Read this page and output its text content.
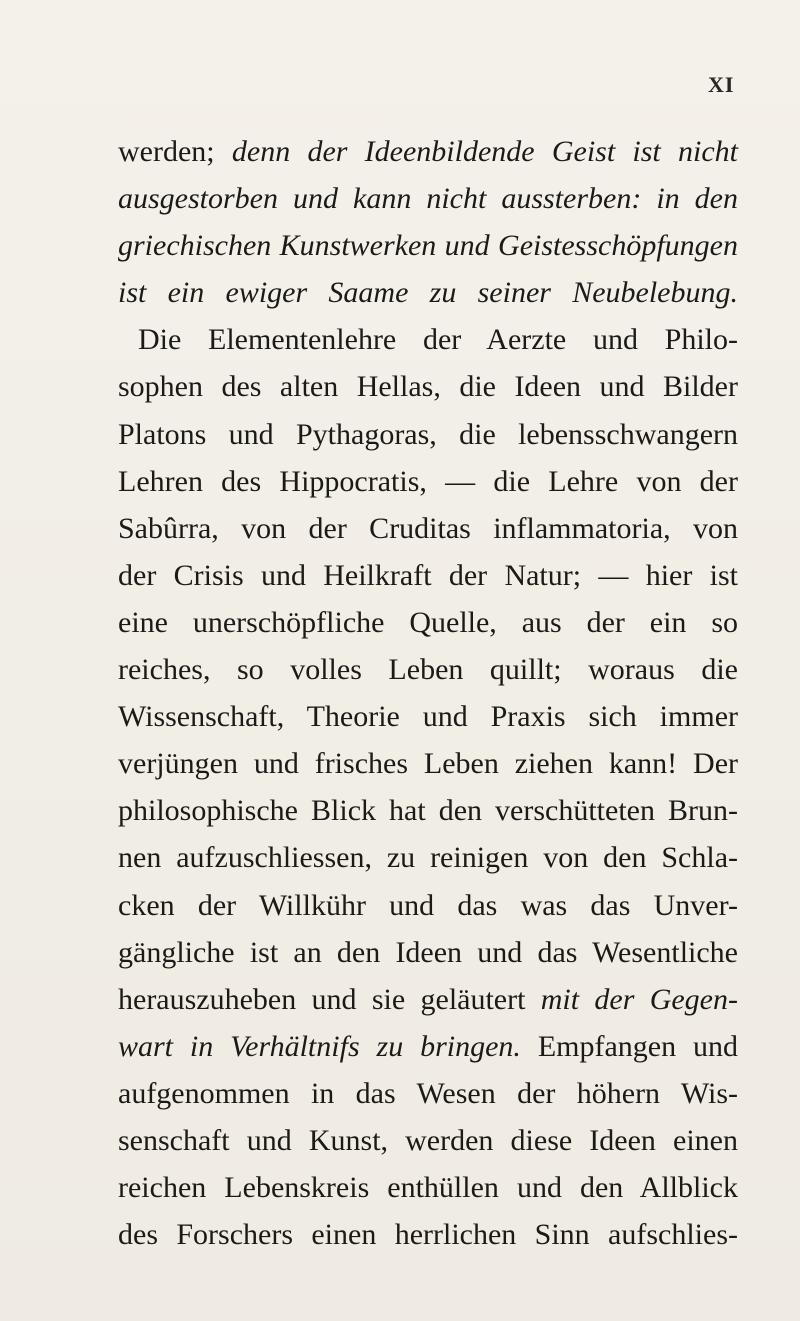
XI
werden; denn der Ideenbildende Geist ist nicht
ausgestorben und kann nicht aussterben: in den
griechischen Kunstwerken und Geistesschöpfungen
ist ein ewiger Saame zu seiner Neubelebung.
Die Elementenlehre der Aerzte und Philo-
sophen des alten Hellas, die Ideen und Bilder
Platons und Pythagoras, die lebensschwangern
Lehren des Hippocratis, — die Lehre von der
Sabûrra, von der Cruditas inflammatoria, von
der Crisis und Heilkraft der Natur; — hier ist
eine unerschöpfliche Quelle, aus der ein so
reiches, so volles Leben quillt; woraus die
Wissenschaft, Theorie und Praxis sich immer
verjüngen und frisches Leben ziehen kann! Der
philosophische Blick hat den verschütteten Brun-
nen aufzuschliessen, zu reinigen von den Schla-
cken der Willkühr und das was das Unver-
gängliche ist an den Ideen und das Wesentliche
herauszuheben und sie geläutert mit der Gegen-
wart in Verhältnifs zu bringen. Empfangen und
aufgenommen in das Wesen der höhern Wis-
senschaft und Kunst, werden diese Ideen einen
reichen Lebenskreis enthüllen und den Allblick
des Forschers einen herrlichen Sinn aufschlies-
